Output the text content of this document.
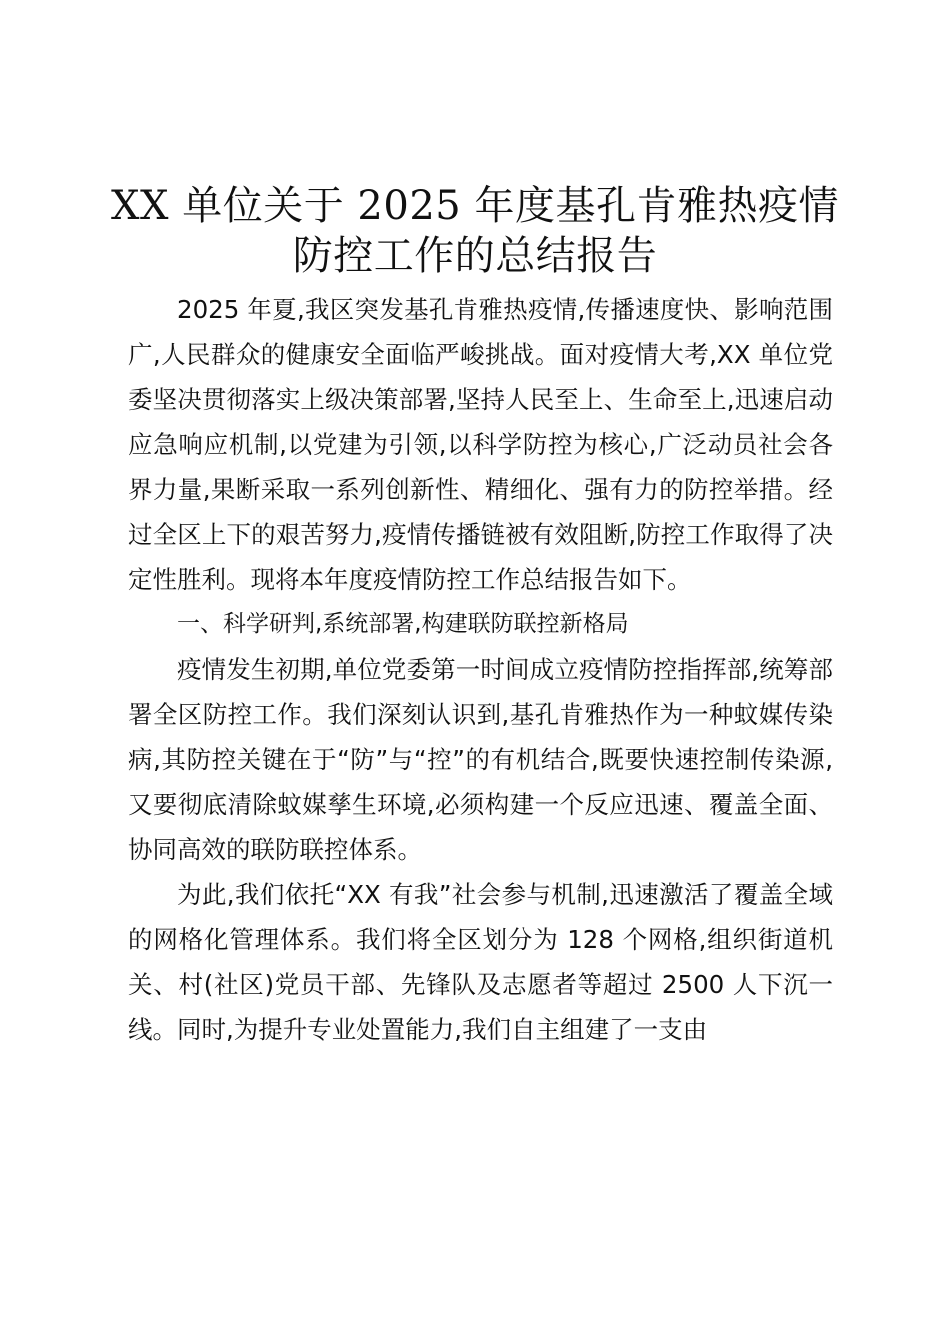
XX 单位关于 2025 年度基孔肯雅热疫情
防控工作的总结报告

2025 年夏,我区突发基孔肯雅热疫情,传播速度快、影响范围广,人民群众的健康安全面临严峻挑战。面对疫情大考,XX 单位党委坚决贯彻落实上级决策部署,坚持人民至上、生命至上,迅速启动应急响应机制,以党建为引领,以科学防控为核心,广泛动员社会各界力量,果断采取一系列创新性、精细化、强有力的防控举措。经过全区上下的艰苦努力,疫情传播链被有效阻断,防控工作取得了决定性胜利。现将本年度疫情防控工作总结报告如下。

一、科学研判,系统部署,构建联防联控新格局

疫情发生初期,单位党委第一时间成立疫情防控指挥部,统筹部署全区防控工作。我们深刻认识到,基孔肯雅热作为一种蚊媒传染病,其防控关键在于“防”与“控”的有机结合,既要快速控制传染源,又要彻底清除蚊媒孳生环境,必须构建一个反应迅速、覆盖全面、协同高效的联防联控体系。

为此,我们依托“XX 有我”社会参与机制,迅速激活了覆盖全域的网格化管理体系。我们将全区划分为 128 个网格,组织街道机关、村(社区)党员干部、先锋队及志愿者等超过 2500 人下沉一线。同时,为提升专业处置能力,我们自主组建了一支由
